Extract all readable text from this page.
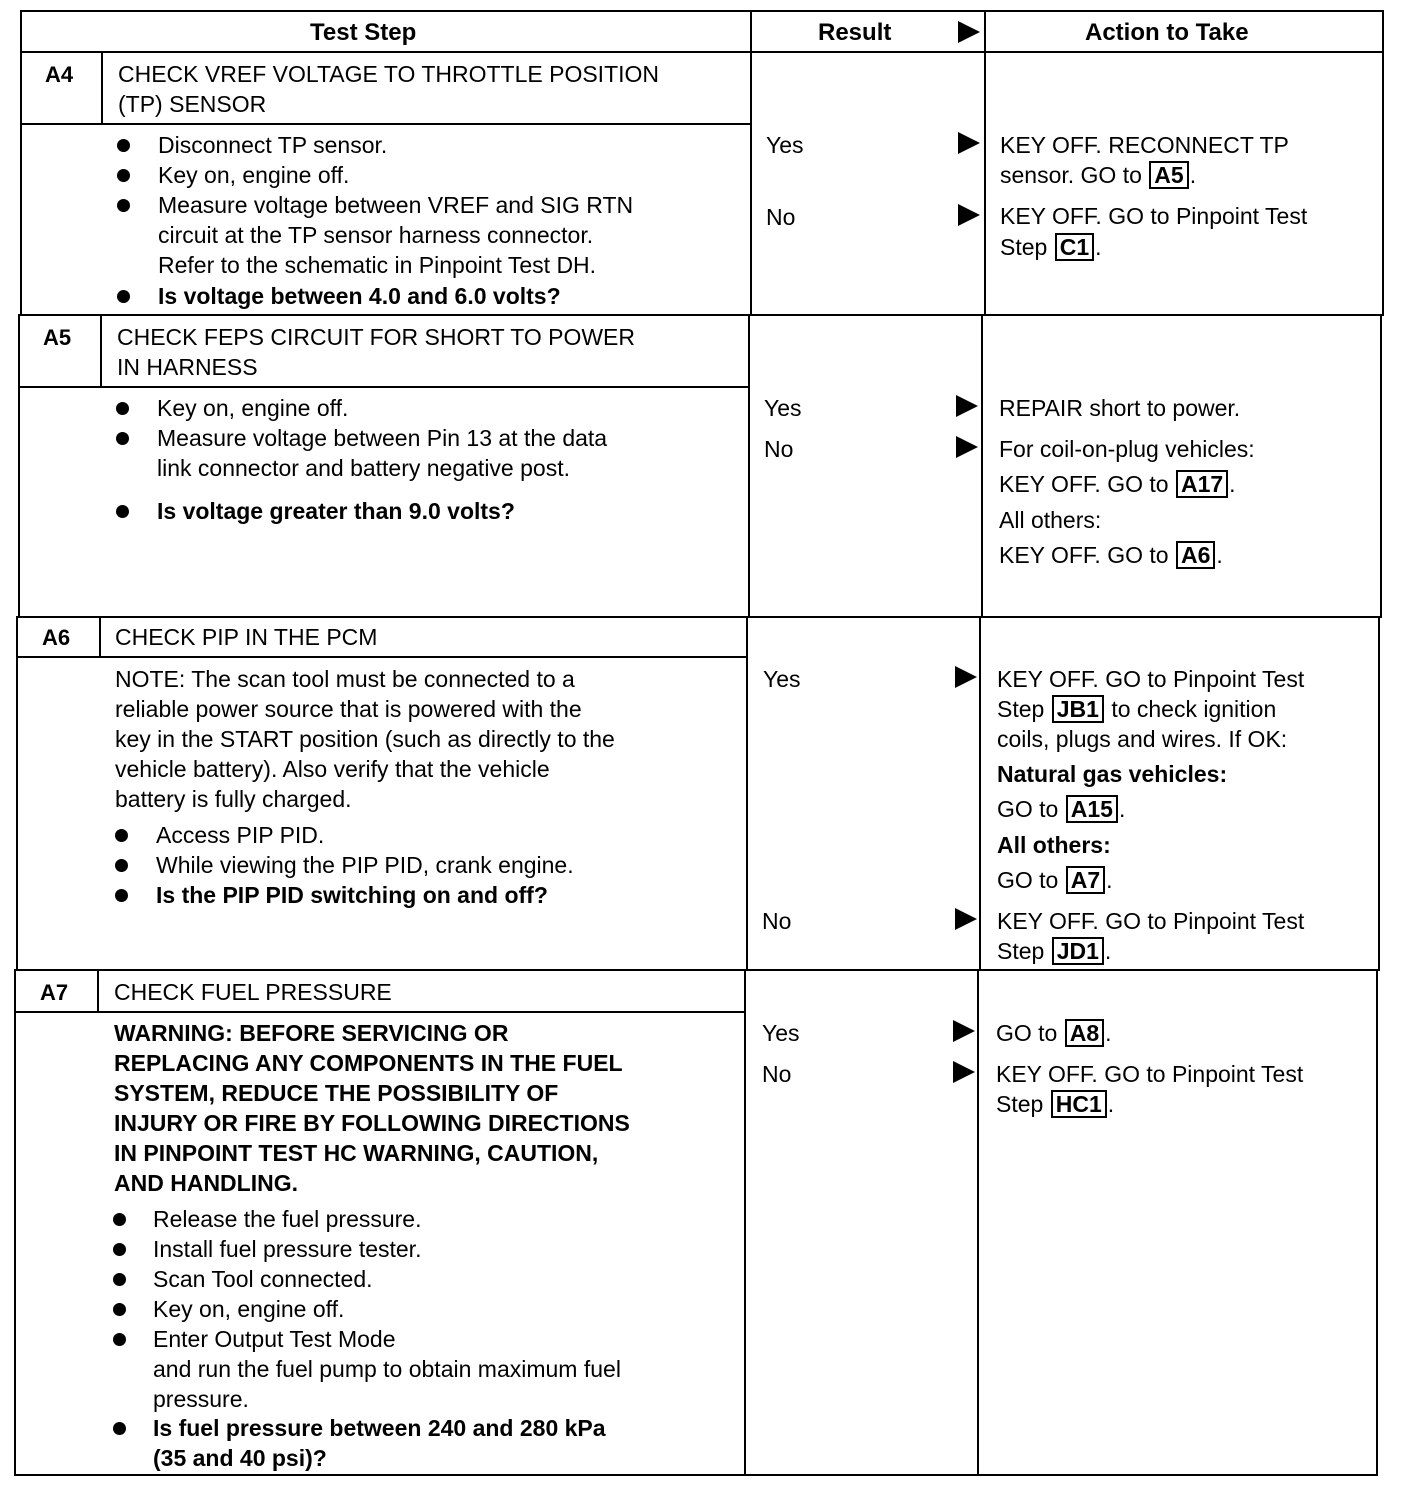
Test Step	Result	Action to Take
A4 CHECK VREF VOLTAGE TO THROTTLE POSITION
(TP) SENSOR
Disconnect TP sensor.
Key on, engine off.
Measure voltage between VREF and SIG RTN
circuit at the TP sensor harness connector.
Refer to the schematic in Pinpoint Test DH.
Is voltage between 4.0 and 6.0 volts?
Yes
No
KEY OFF. RECONNECT TP
sensor. GO to A5 .
KEY OFF. GO to Pinpoint Test
Step C1 .
A5 CHECK FEPS CIRCUIT FOR SHORT TO POWER
IN HARNESS
Key on, engine off.
Measure voltage between Pin 13 at the data
link connector and battery negative post.
Is voltage greater than 9.0 volts?
Yes
No
REPAIR short to power.
For coil-on-plug vehicles:
KEY OFF. GO to A17 .
All others:
KEY OFF. GO to A6 .
A6 CHECK PIP IN THE PCM
NOTE: The scan tool must be connected to a
reliable power source that is powered with the
key in the START position (such as directly to the
vehicle battery). Also verify that the vehicle
battery is fully charged.
Access PIP PID.
While viewing the PIP PID, crank engine.
Is the PIP PID switching on and off?
Yes
No
KEY OFF. GO to Pinpoint Test
Step JB1 to check ignition
coils, plugs and wires. If OK:
Natural gas vehicles:
GO to A15 .
All others:
GO to A7 .
KEY OFF. GO to Pinpoint Test
Step JD1 .
A7 CHECK FUEL PRESSURE
WARNING: BEFORE SERVICING OR
REPLACING ANY COMPONENTS IN THE FUEL
SYSTEM, REDUCE THE POSSIBILITY OF
INJURY OR FIRE BY FOLLOWING DIRECTIONS
IN PINPOINT TEST HC WARNING, CAUTION,
AND HANDLING.
Release the fuel pressure.
Install fuel pressure tester.
Scan Tool connected.
Key on, engine off.
Enter Output Test Mode
and run the fuel pump to obtain maximum fuel
pressure.
Is fuel pressure between 240 and 280 kPa
(35 and 40 psi)?
Yes
No
GO to A8 .
KEY OFF. GO to Pinpoint Test
Step HC1 .
